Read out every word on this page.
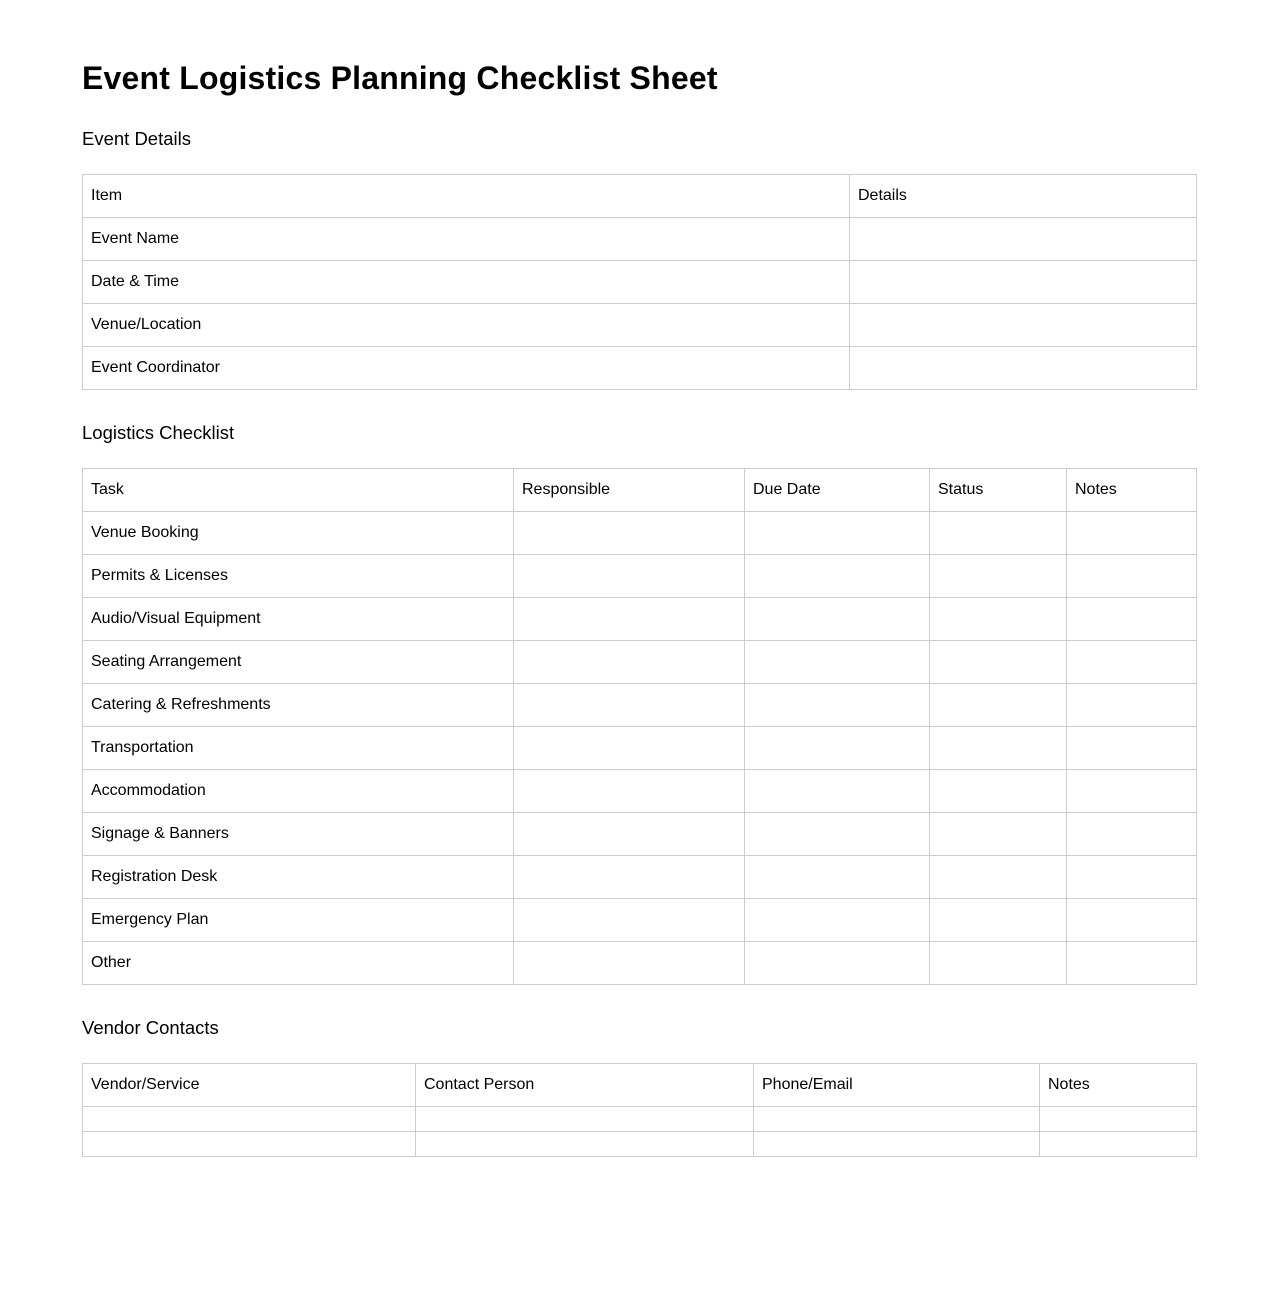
Event Logistics Planning Checklist Sheet
Event Details
Item	Details
Event Name	
Date & Time	
Venue/Location	
Event Coordinator	
Logistics Checklist
Task	Responsible	Due Date	Status	Notes
Venue Booking				
Permits & Licenses				
Audio/Visual Equipment				
Seating Arrangement				
Catering & Refreshments				
Transportation				
Accommodation				
Signage & Banners				
Registration Desk				
Emergency Plan				
Other				
Vendor Contacts
Vendor/Service	Contact Person	Phone/Email	Notes
